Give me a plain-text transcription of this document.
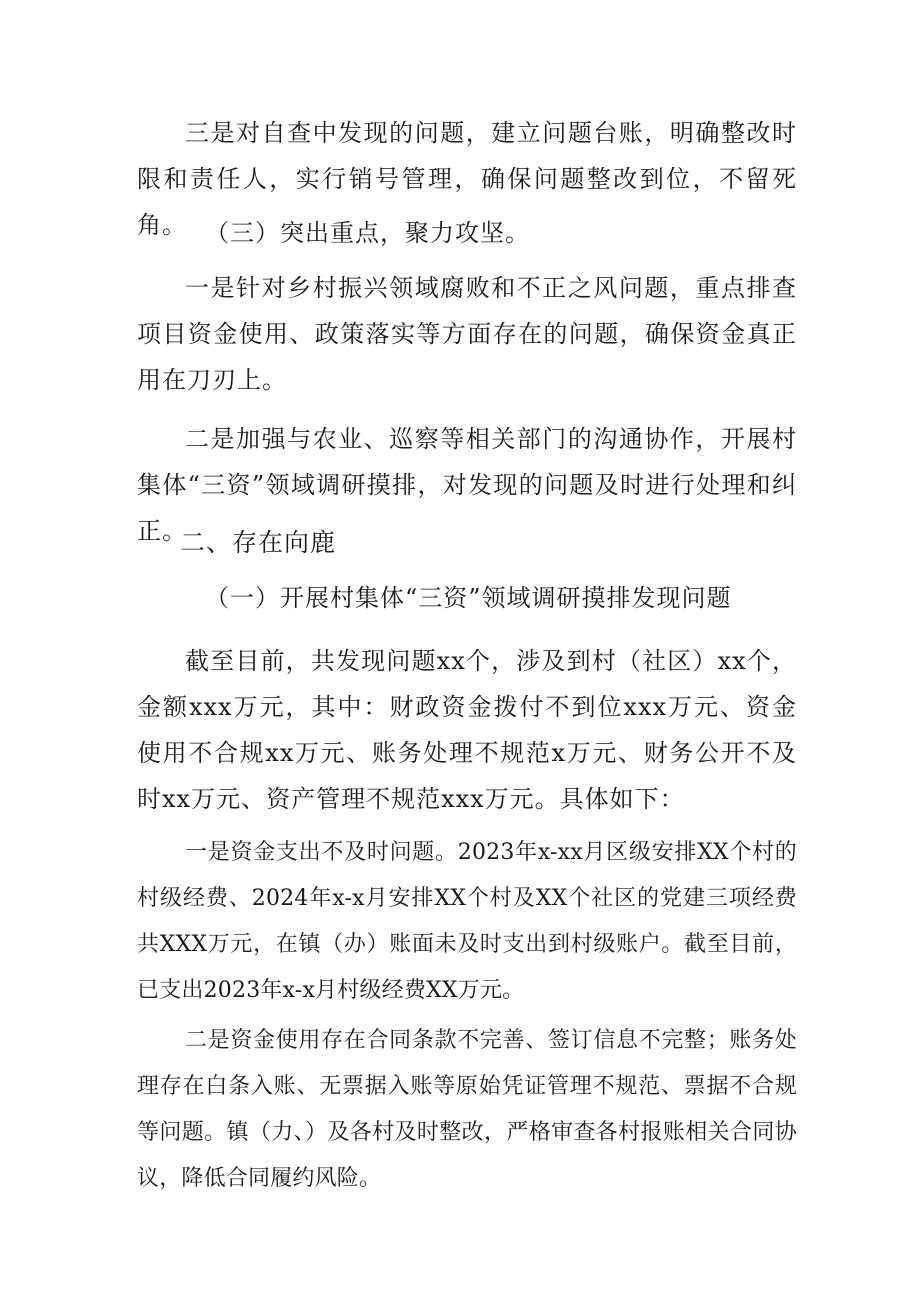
三是对自查中发现的问题，建立问题台账，明确整改时限和责任人，实行销号管理，确保问题整改到位，不留死角。 （三）突出重点，聚力攻坚。

一是针对乡村振兴领域腐败和不正之风问题，重点排查项目资金使用、政策落实等方面存在的问题，确保资金真正用在刀刃上。

二是加强与农业、巡察等相关部门的沟通协作，开展村集体“三资”领域调研摸排，对发现的问题及时进行处理和纠正。

二、存在向鹿

（一）开展村集体“三资”领域调研摸排发现问题

截至目前，共发现问题xx个，涉及到村（社区）xx个，金额xxx万元，其中：财政资金拨付不到位xxx万元、资金使用不合规xx万元、账务处理不规范x万元、财务公开不及时xx万元、资产管理不规范xxx万元。具体如下：

一是资金支出不及时问题。2023年x-xx月区级安排XX个村的村级经费、2024年x-x月安排XX个村及XX个社区的党建三项经费共XXX万元，在镇（办）账面未及时支出到村级账户。截至目前，已支出2023年x-x月村级经费XX万元。

二是资金使用存在合同条款不完善、签订信息不完整；账务处理存在白条入账、无票据入账等原始凭证管理不规范、票据不合规等问题。镇（力、）及各村及时整改，严格审查各村报账相关合同协议，降低合同履约风险。
